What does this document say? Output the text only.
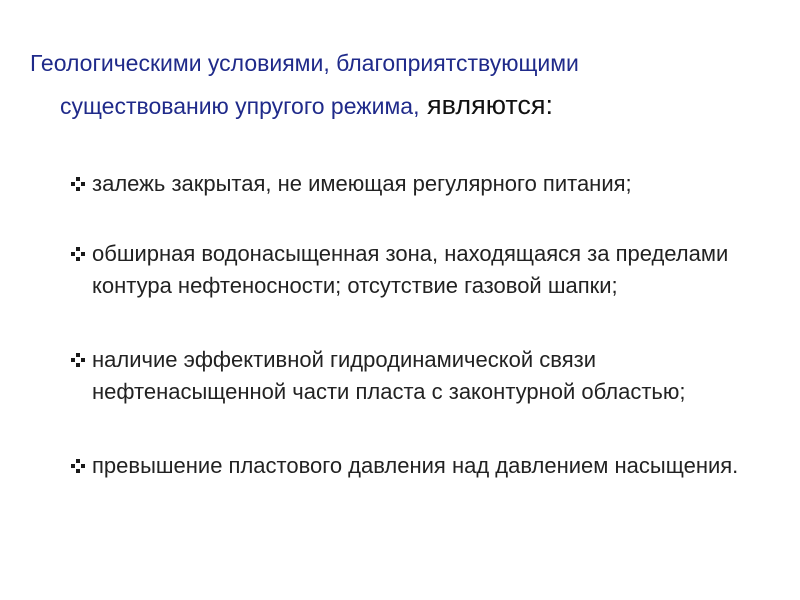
Геологическими условиями, благоприятствующими
существованию упругого режима, являются:
залежь закрытая, не имеющая регулярного питания;
обширная водонасыщенная зона, находящаяся за пределами контура нефтеносности; отсутствие газовой шапки;
наличие эффективной гидродинамической связи нефтенасыщенной части пласта с законтурной областью;
превышение пластового давления над давлением насыщения.
